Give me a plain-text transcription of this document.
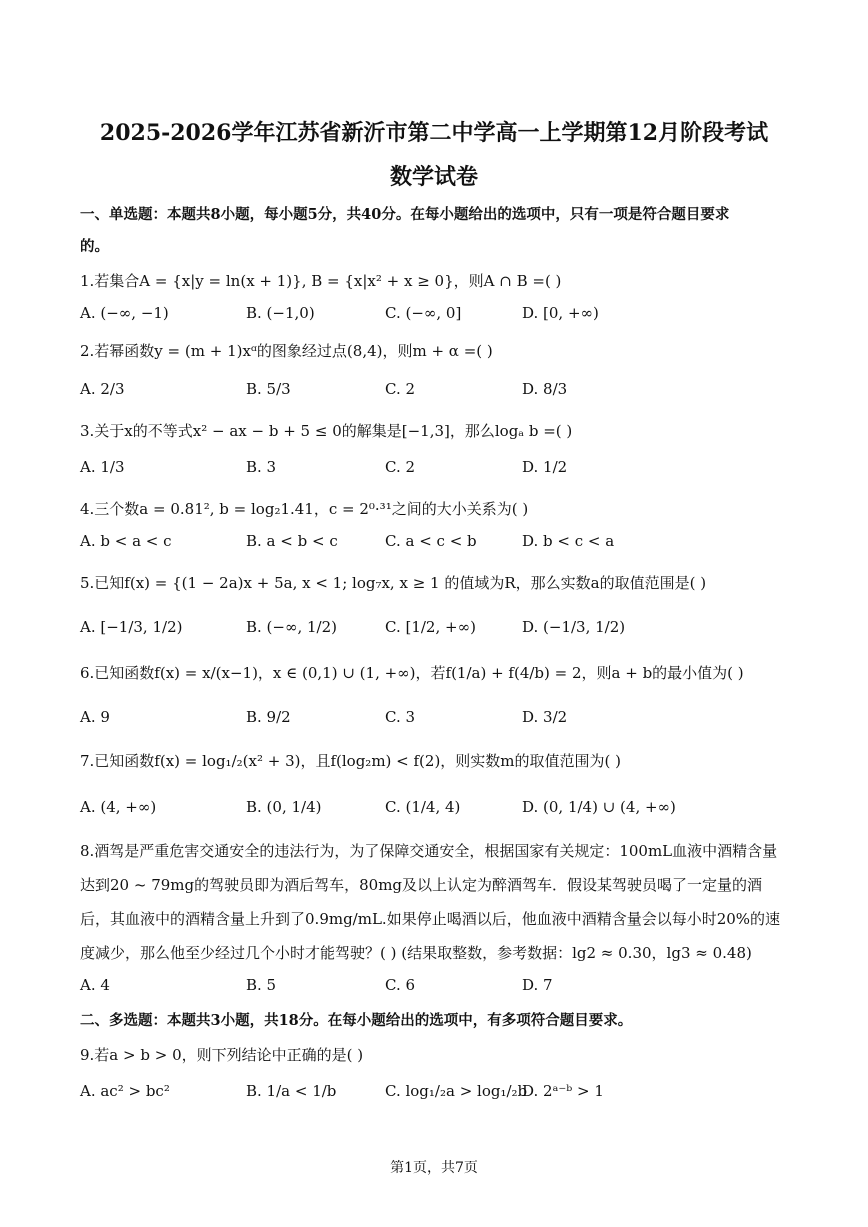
2025-2026学年江苏省新沂市第二中学高一上学期第12月阶段考试
数学试卷
一、单选题：本题共8小题，每小题5分，共40分。在每小题给出的选项中，只有一项是符合题目要求
的。
1.若集合A = {x|y = ln(x + 1)}, B = {x|x² + x ≥ 0}，则A ∩ B =( )
A. (−∞, −1)	B. (−1,0)	C. (−∞, 0]	D. [0, +∞)
2.若幂函数y = (m + 1)xᵅ的图象经过点(8,4)，则m + α =( )
A. 2/3	B. 5/3	C. 2	D. 8/3
3.关于x的不等式x² − ax − b + 5 ≤ 0的解集是[−1,3]，那么logₐ b =( )
A. 1/3	B. 3	C. 2	D. 1/2
4.三个数a = 0.81², b = log₂1.41，c = 2⁰·³¹之间的大小关系为( )
A. b < a < c	B. a < b < c	C. a < c < b	D. b < c < a
5.已知f(x) = {(1 − 2a)x + 5a, x < 1; log₇x, x ≥ 1 的值域为R，那么实数a的取值范围是( )
A. [−1/3, 1/2)	B. (−∞, 1/2)	C. [1/2, +∞)	D. (−1/3, 1/2)
6.已知函数f(x) = x/(x−1)，x ∈ (0,1) ∪ (1, +∞)，若f(1/a) + f(4/b) = 2，则a + b的最小值为( )
A. 9	B. 9/2	C. 3	D. 3/2
7.已知函数f(x) = log₁/₂(x² + 3)，且f(log₂m) < f(2)，则实数m的取值范围为( )
A. (4, +∞)	B. (0, 1/4)	C. (1/4, 4)	D. (0, 1/4) ∪ (4, +∞)
8.酒驾是严重危害交通安全的违法行为，为了保障交通安全，根据国家有关规定：100mL血液中酒精含量
达到20 ~ 79mg的驾驶员即为酒后驾车，80mg及以上认定为醉酒驾车．假设某驾驶员喝了一定量的酒
后，其血液中的酒精含量上升到了0.9mg/mL.如果停止喝酒以后，他血液中酒精含量会以每小时20%的速
度减少，那么他至少经过几个小时才能驾驶？( ) (结果取整数，参考数据：lg2 ≈ 0.30，lg3 ≈ 0.48)
A. 4	B. 5	C. 6	D. 7
二、多选题：本题共3小题，共18分。在每小题给出的选项中，有多项符合题目要求。
9.若a > b > 0，则下列结论中正确的是( )
A. ac² > bc²	B. 1/a < 1/b	C. log₁/₂a > log₁/₂b
D. 2ᵃ⁻ᵇ > 1
第1页，共7页
